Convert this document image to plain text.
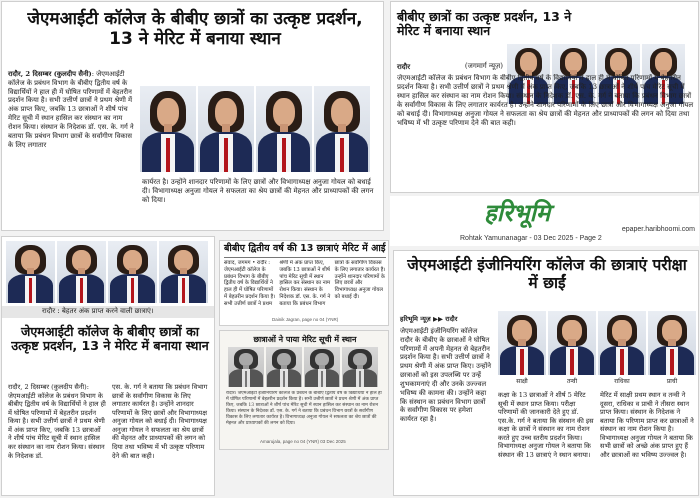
जेएमआईटी कॉलेज के बीबीए छात्रों का उत्कृष्ट प्रदर्शन, 13 ने मेरिट में बनाया स्थान
रादौर, 2 दिसम्बर (कुलदीप सैनी): जेएमआईटी कॉलेज के प्रबंधन विभाग के बीबीए द्वितीय वर्ष के विद्यार्थियों ने हाल ही में घोषित परिणामों में बेहतरीन प्रदर्शन किया है। सभी उत्तीर्ण छात्रों ने प्रथम श्रेणी में अंक प्राप्त किए, जबकि 13 छात्राओं ने शीर्ष पांच मेरिट सूची में स्थान हासिल कर संस्थान का नाम रोशन किया। संस्थान के निदेशक डॉ. एस. के. गर्ग ने बताया कि प्रबंधन विभाग छात्रों के सर्वांगीण विकास के लिए लगातार
कार्यरत है। उन्होंने शानदार परिणामों के लिए छात्रों और विभागाध्यक्ष अनुजा गोयल को बधाई दी। विभागाध्यक्ष अनुजा गोयल ने सफलता का श्रेय छात्रों की मेहनत और प्राध्यापकों की लगन को दिया।
बीबीए छात्रों का उत्कृष्ट प्रदर्शन, 13 ने मेरिट में बनाया स्थान
रादौर	(जगमार्ग न्यूज़)
जेएमआईटी कॉलेज के प्रबंधन विभाग के बीबीए द्वितीय वर्ष के विद्यार्थियों ने हाल ही में घोषित परिणामों में बेहतरीन प्रदर्शन किया है। सभी उत्तीर्ण छात्रों ने प्रथम श्रेणी में अंक प्राप्त किए, जबकि 13 छात्राओं ने शीर्ष पांच मेरिट सूची में स्थान हासिल कर संस्थान का नाम रोशन किया। संस्थान के निदेशक डॉ. एस. के. गर्ग ने बताया कि प्रबंधन विभाग छात्रों के सर्वांगीण विकास के लिए लगातार कार्यरत है। उन्होंने शानदार परिणामों के लिए छात्रों और विभागाध्यक्ष अनुजा गोयल को बधाई दी। विभागाध्यक्ष अनुजा गोयल ने सफलता का श्रेय छात्रों की मेहनत और प्राध्यापकों की लगन को दिया तथा भविष्य में भी उत्कृष्ट परिणाम देने की बात कही।
हरिभूमि
epaper.haribhoomi.com
Rohtak Yamunanagar - 03 Dec 2025 - Page 2
रादौर : बेहतर अंक प्राप्त करने वाली छात्राएं।
जेएमआईटी कॉलेज के बीबीए छात्रों का उत्कृष्ट प्रदर्शन, 13 ने मेरिट में बनाया स्थान
रादौर, 2 दिसम्बर (कुलदीप सैनी): जेएमआईटी कॉलेज के प्रबंधन विभाग के बीबीए द्वितीय वर्ष के विद्यार्थियों ने हाल ही में घोषित परिणामों में बेहतरीन प्रदर्शन किया है। सभी उत्तीर्ण छात्रों ने प्रथम श्रेणी में अंक प्राप्त किए, जबकि 13 छात्राओं ने शीर्ष पांच मेरिट सूची में स्थान हासिल कर संस्थान का नाम रोशन किया। संस्थान के निदेशक डॉ.
एस. के. गर्ग ने बताया कि प्रबंधन विभाग छात्रों के सर्वांगीण विकास के लिए लगातार कार्यरत है। उन्होंने शानदार परिणामों के लिए छात्रों और विभागाध्यक्ष अनुजा गोयल को बधाई दी। विभागाध्यक्ष अनुजा गोयल ने सफलता का श्रेय छात्रों की मेहनत और प्राध्यापकों की लगन को दिया तथा भविष्य में भी उत्कृष्ट परिणाम देने की बात कही।
बीबीए द्वितीय वर्ष की 13 छात्राएं मेरिट में आई
संवाद, जगमग • रादौर : जेएमआईटी कॉलेज के प्रबंधन विभाग के बीबीए द्वितीय वर्ष के विद्यार्थियों ने हाल ही में घोषित परिणामों में बेहतरीन प्रदर्शन किया है। सभी उत्तीर्ण छात्रों ने प्रथम श्रेणी में अंक प्राप्त किए, जबकि 13 छात्राओं ने शीर्ष पांच मेरिट सूची में स्थान हासिल कर संस्थान का नाम रोशन किया। संस्थान के निदेशक डॉ. एस. के. गर्ग ने बताया कि प्रबंधन विभाग छात्रों के सर्वांगीण विकास के लिए लगातार कार्यरत है। उन्होंने शानदार परिणामों के लिए छात्रों और विभागाध्यक्ष अनुजा गोयल को बधाई दी।
Dainik Jagran, page no 04 (YNR)
छात्राओं ने पाया मेरिट सूची में स्थान
रादौर। जेएमआईटी इंजीनियरिंग कॉलेज के प्रबंधन के बीबीए द्वितीय वर्ष के विद्यार्थियों ने हाल ही में घोषित परिणामों में बेहतरीन प्रदर्शन किया है। सभी उत्तीर्ण छात्रों ने प्रथम श्रेणी में अंक प्राप्त किए, जबकि 13 छात्राओं ने शीर्ष पांच मेरिट सूची में स्थान हासिल कर संस्थान का नाम रोशन किया। संस्थान के निदेशक डॉ. एस. के. गर्ग ने बताया कि प्रबंधन विभाग छात्रों के सर्वांगीण विकास के लिए लगातार कार्यरत है। विभागाध्यक्ष अनुजा गोयल ने सफलता का श्रेय छात्रों की मेहनत और प्राध्यापकों की लगन को दिया।
Amarujala, page no 04 (YNR) 03 Dec 2025
जेएमआईटी इंजीनियरिंग कॉलेज की छात्राएं परीक्षा में छाईं
हरिभूमि न्यूज़ ▶▶ रादौर
जेएमआईटी इंजीनियरिंग कॉलेज रादौर के बीबीए के छात्राओं ने घोषित परिणामों में अपनी मेहनत से बेहतरीन प्रदर्शन किया है। सभी उत्तीर्ण छात्रों ने प्रथम श्रेणी में अंक प्राप्त किए। उन्होंने छात्राओं को इस उपलब्धि पर उन्हें शुभकामनाएं दी और उनके उज्ज्वल भविष्य की कामना की। उन्होंने कहा कि संस्थान का प्रबंधन विभाग छात्रों के सर्वांगीण विकास पर हमेशा कार्यरत रहा है।
साक्षी	तन्वी	राधिका	प्राची
कक्षा के 13 छात्राओं ने शीर्ष 5 मेरिट सूची में स्थान प्राप्त किया। परीक्षा परिणामों की जानकारी देते हुए डॉ. एस.के. गर्ग ने बताया कि संस्थान की इस कक्षा के छात्रों ने संस्थान का नाम रोशन करते हुए उच्च स्तरीय प्रदर्शन किया। विभागाध्यक्ष अनुजा गोयल ने बताया कि संस्थान की 13 छात्राएं ने स्थान बनाया।
मेरिट में साक्षी प्रथम स्थान व तन्वी ने दूसरा, राधिका व प्राची ने तीसरा स्थान प्राप्त किया। संस्थान के निदेशक ने बताया कि परिणाम प्राप्त कर छात्राओं ने संस्थान का नाम रोशन किया है। विभागाध्यक्ष अनुजा गोयल ने बताया कि सभी छात्रों को अच्छे अंक प्राप्त हुए हैं और छात्राओं का भविष्य उज्ज्वल है।
